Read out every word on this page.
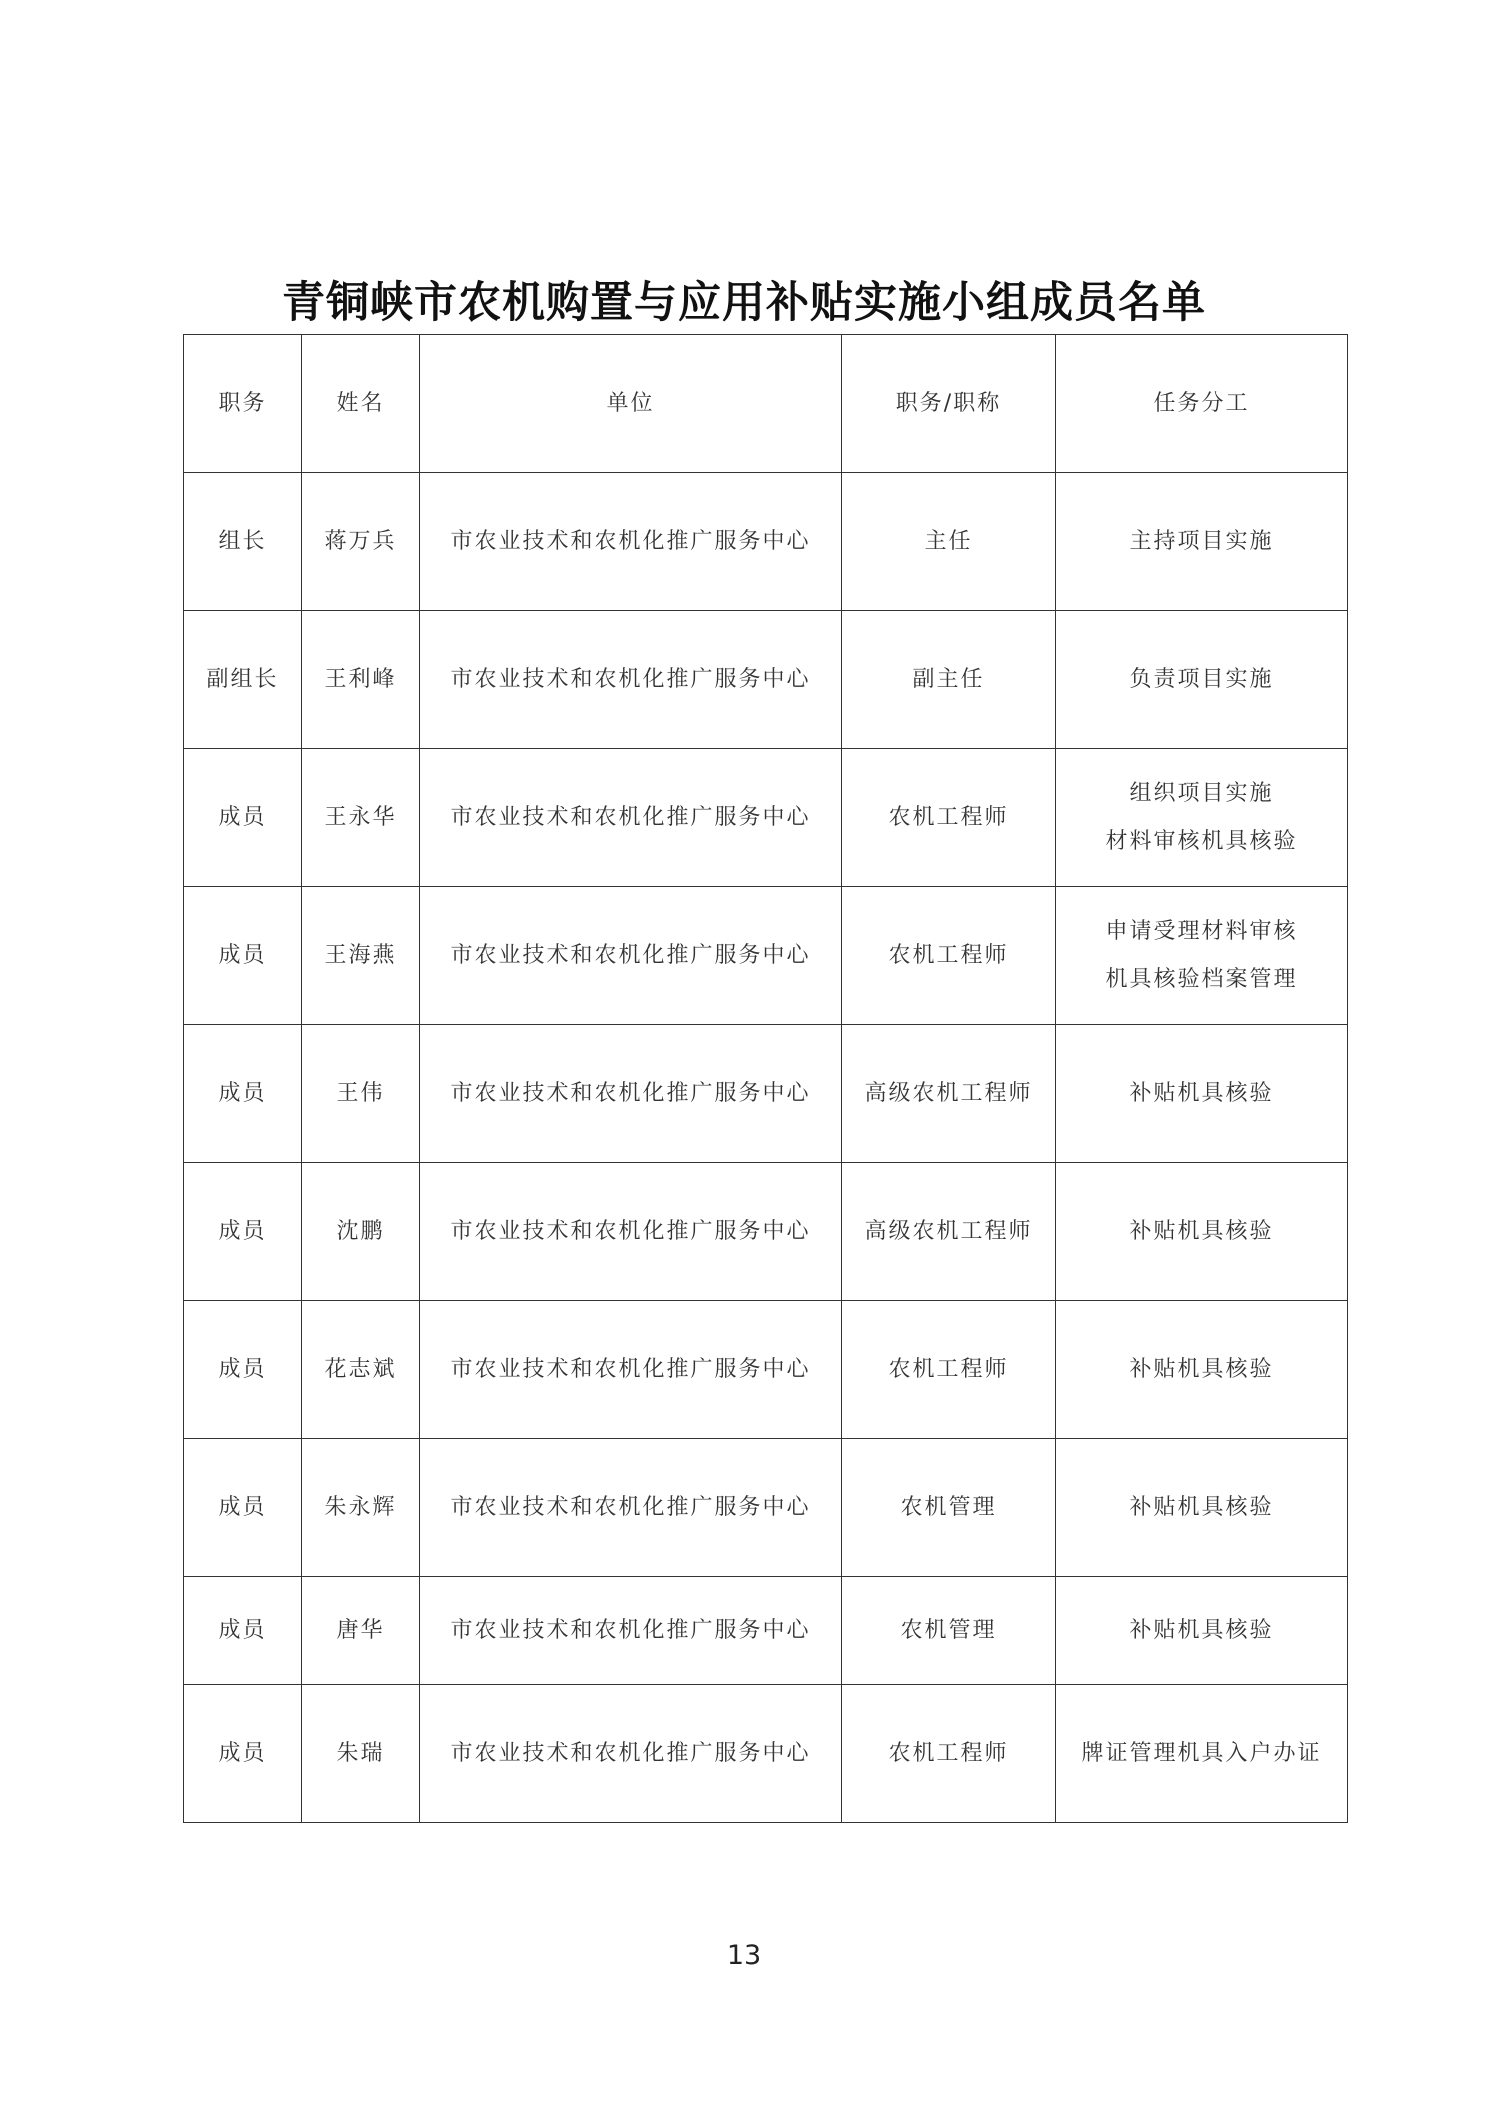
青铜峡市农机购置与应用补贴实施小组成员名单
职务	姓名	单位	职务/职称	任务分工
组长	蒋万兵	市农业技术和农机化推广服务中心	主任	主持项目实施

副组长	王利峰	市农业技术和农机化推广服务中心	副主任	负责项目实施

成员	王永华	市农业技术和农机化推广服务中心	农机工程师	组织项目实施
材料审核机具核验

成员	王海燕	市农业技术和农机化推广服务中心	农机工程师	申请受理材料审核
机具核验档案管理

成员	王伟	市农业技术和农机化推广服务中心	高级农机工程师	补贴机具核验

成员	沈鹏	市农业技术和农机化推广服务中心	高级农机工程师	补贴机具核验

成员	花志斌	市农业技术和农机化推广服务中心	农机工程师	补贴机具核验

成员	朱永辉	市农业技术和农机化推广服务中心	农机管理	补贴机具核验

成员	唐华	市农业技术和农机化推广服务中心	农机管理	补贴机具核验

成员	朱瑞	市农业技术和农机化推广服务中心	农机工程师	牌证管理机具入户办证
13
